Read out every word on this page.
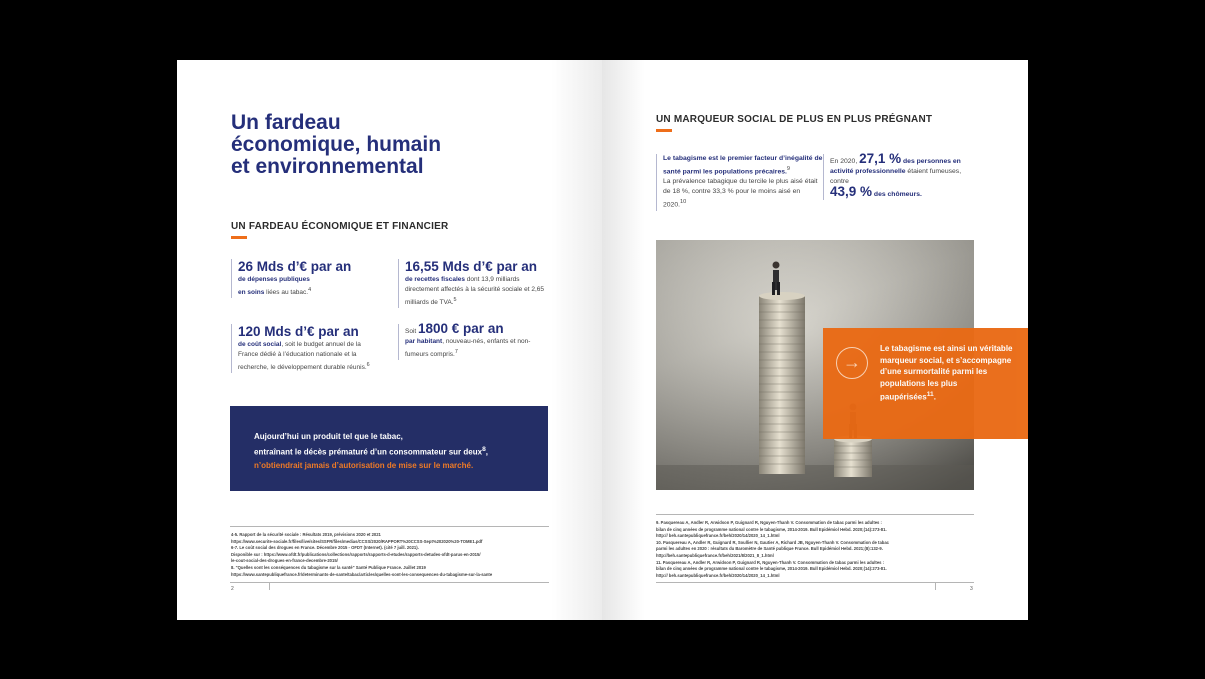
Un fardeau
économique, humain
et environnemental
UN FARDEAU ÉCONOMIQUE ET FINANCIER
26 Mds d’€ par an
de dépenses publiques
en soins liées au tabac.$^4$
16,55 Mds d’€ par an
de recettes fiscales dont 13,9 milliards directement affectés à la sécurité sociale et 2,65 milliards de TVA.$^5$
120 Mds d’€ par an
de coût social, soit le budget annuel de la France dédié à l’éducation nationale et la recherche, le développement durable réunis.$^6$
Soit 1800 € par an
par habitant, nouveau-nés, enfants et non-fumeurs compris.$^7$
Aujourd’hui un produit tel que le tabac,
entraînant le décès prématuré d’un consommateur sur deux$^8$,
n’obtiendrait jamais d’autorisation de mise sur le marché.
4-5. Rapport de la sécurité sociale : Résultats 2019, prévisions 2020 et 2021
https://www.securite-sociale.fr/files/live/sites/SSFR/files/medias/CCSS/2020/RAPPORT%20CCSS-Sept%202020%20-TOME1.pdf
6-7. Le coût social des drogues en France. Décembre 2015 - OFDT (Internet). (cité 7 juill. 2021).
Disponible sur : https://www.ofdt.fr/publications/collections/rapports/rapports-d-etudes/rapports-detudes-ofdt-parus-en-2015/
le-cout-social-des-drogues-en-france-decembre-2015/
8. "Quelles sont les conséquences du tabagisme sur la santé" Santé Publique France. Juillet 2019
https://www.santepubliquefrance.fr/determinants-de-sante/tabac/articles/quelles-sont-les-consequences-du-tabagisme-sur-la-sante
2
UN MARQUEUR SOCIAL DE PLUS EN PLUS PRÉGNANT
Le tabagisme est le premier facteur d’inégalité de santé parmi les populations précaires.$^9$
La prévalence tabagique du tercile le plus aisé était de 18 %, contre 33,3 % pour le moins aisé en 2020.10
En 2020, 27,1 % des personnes en activité professionnelle étaient fumeuses, contre
43,9 % des chômeurs.
→
Le tabagisme est ainsi un véritable marqueur social, et s’accompagne d’une surmortalité parmi les populations les plus paupérisées$^{11}$.
9. Pasquereau A, Andler R, Arwidson P, Guignard R, Nguyen-Thanh V. Consommation de tabac parmi les adultes :
bilan de cinq années de programme national contre le tabagisme, 2014-2019. Bull Epidémiol Hebd. 2020;(14):273-81.
http:// beh.santepubliquefrance.fr/beh/2020/14/2020_14_1.html
10. Pasquereau A, Andler R, Guignard R, Soullier N, Gautier A, Richard JB, Nguyen-Thanh V. Consommation de tabac
parmi les adultes en 2020 : résultats du Baromètre de Santé publique France. Bull Epidémiol Hebd. 2021;(8):132-9.
http://beh.santepubliquefrance.fr/beh/2021/8/2021_8_1.html
11. Pasquereau A, Andler R, Arwidson P, Guignard R, Nguyen-Thanh V. Consommation de tabac parmi les adultes :
bilan de cinq années de programme national contre le tabagisme, 2014-2019. Bull Epidémiol Hebd. 2020;(14):273-81.
http:// beh.santepubliquefrance.fr/beh/2020/14/2020_14_1.html
3
